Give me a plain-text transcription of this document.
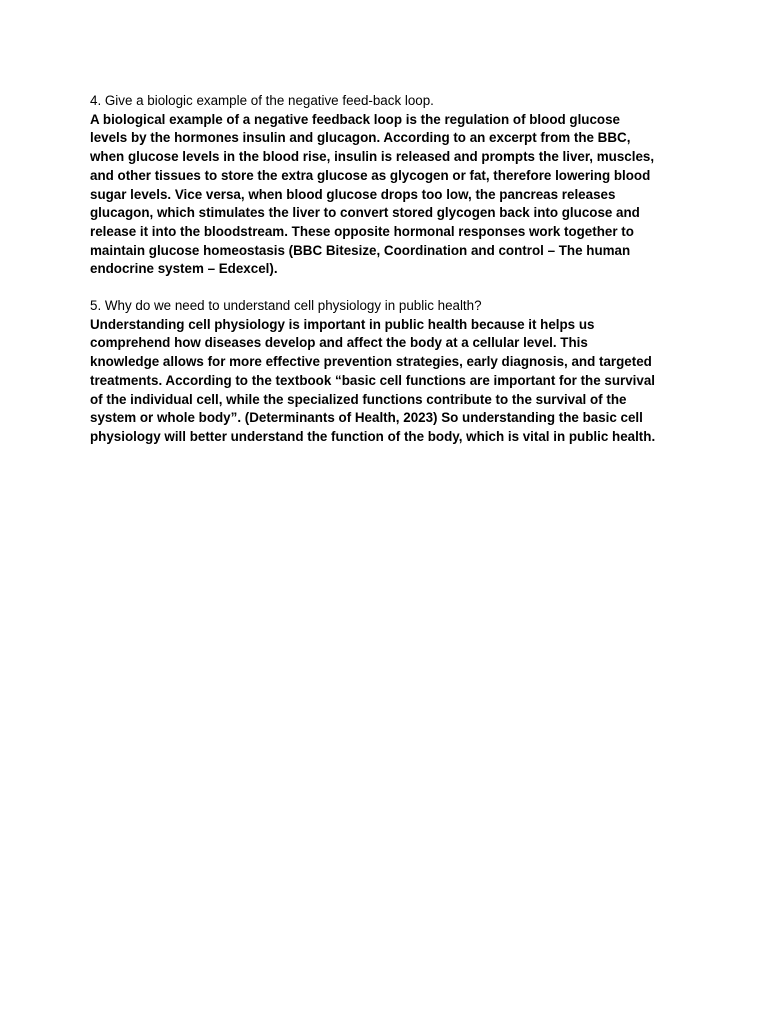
4. Give a biologic example of the negative feed-back loop.

A biological example of a negative feedback loop is the regulation of blood glucose
levels by the hormones insulin and glucagon. According to an excerpt from the BBC,
when glucose levels in the blood rise, insulin is released and prompts the liver, muscles,
and other tissues to store the extra glucose as glycogen or fat, therefore lowering blood
sugar levels. Vice versa, when blood glucose drops too low, the pancreas releases
glucagon, which stimulates the liver to convert stored glycogen back into glucose and
release it into the bloodstream. These opposite hormonal responses work together to
maintain glucose homeostasis (BBC Bitesize, Coordination and control – The human
endocrine system – Edexcel).

5. Why do we need to understand cell physiology in public health?

Understanding cell physiology is important in public health because it helps us
comprehend how diseases develop and affect the body at a cellular level. This
knowledge allows for more effective prevention strategies, early diagnosis, and targeted
treatments. According to the textbook “basic cell functions are important for the survival
of the individual cell, while the specialized functions contribute to the survival of the
system or whole body”. (Determinants of Health, 2023) So understanding the basic cell
physiology will better understand the function of the body, which is vital in public health.
